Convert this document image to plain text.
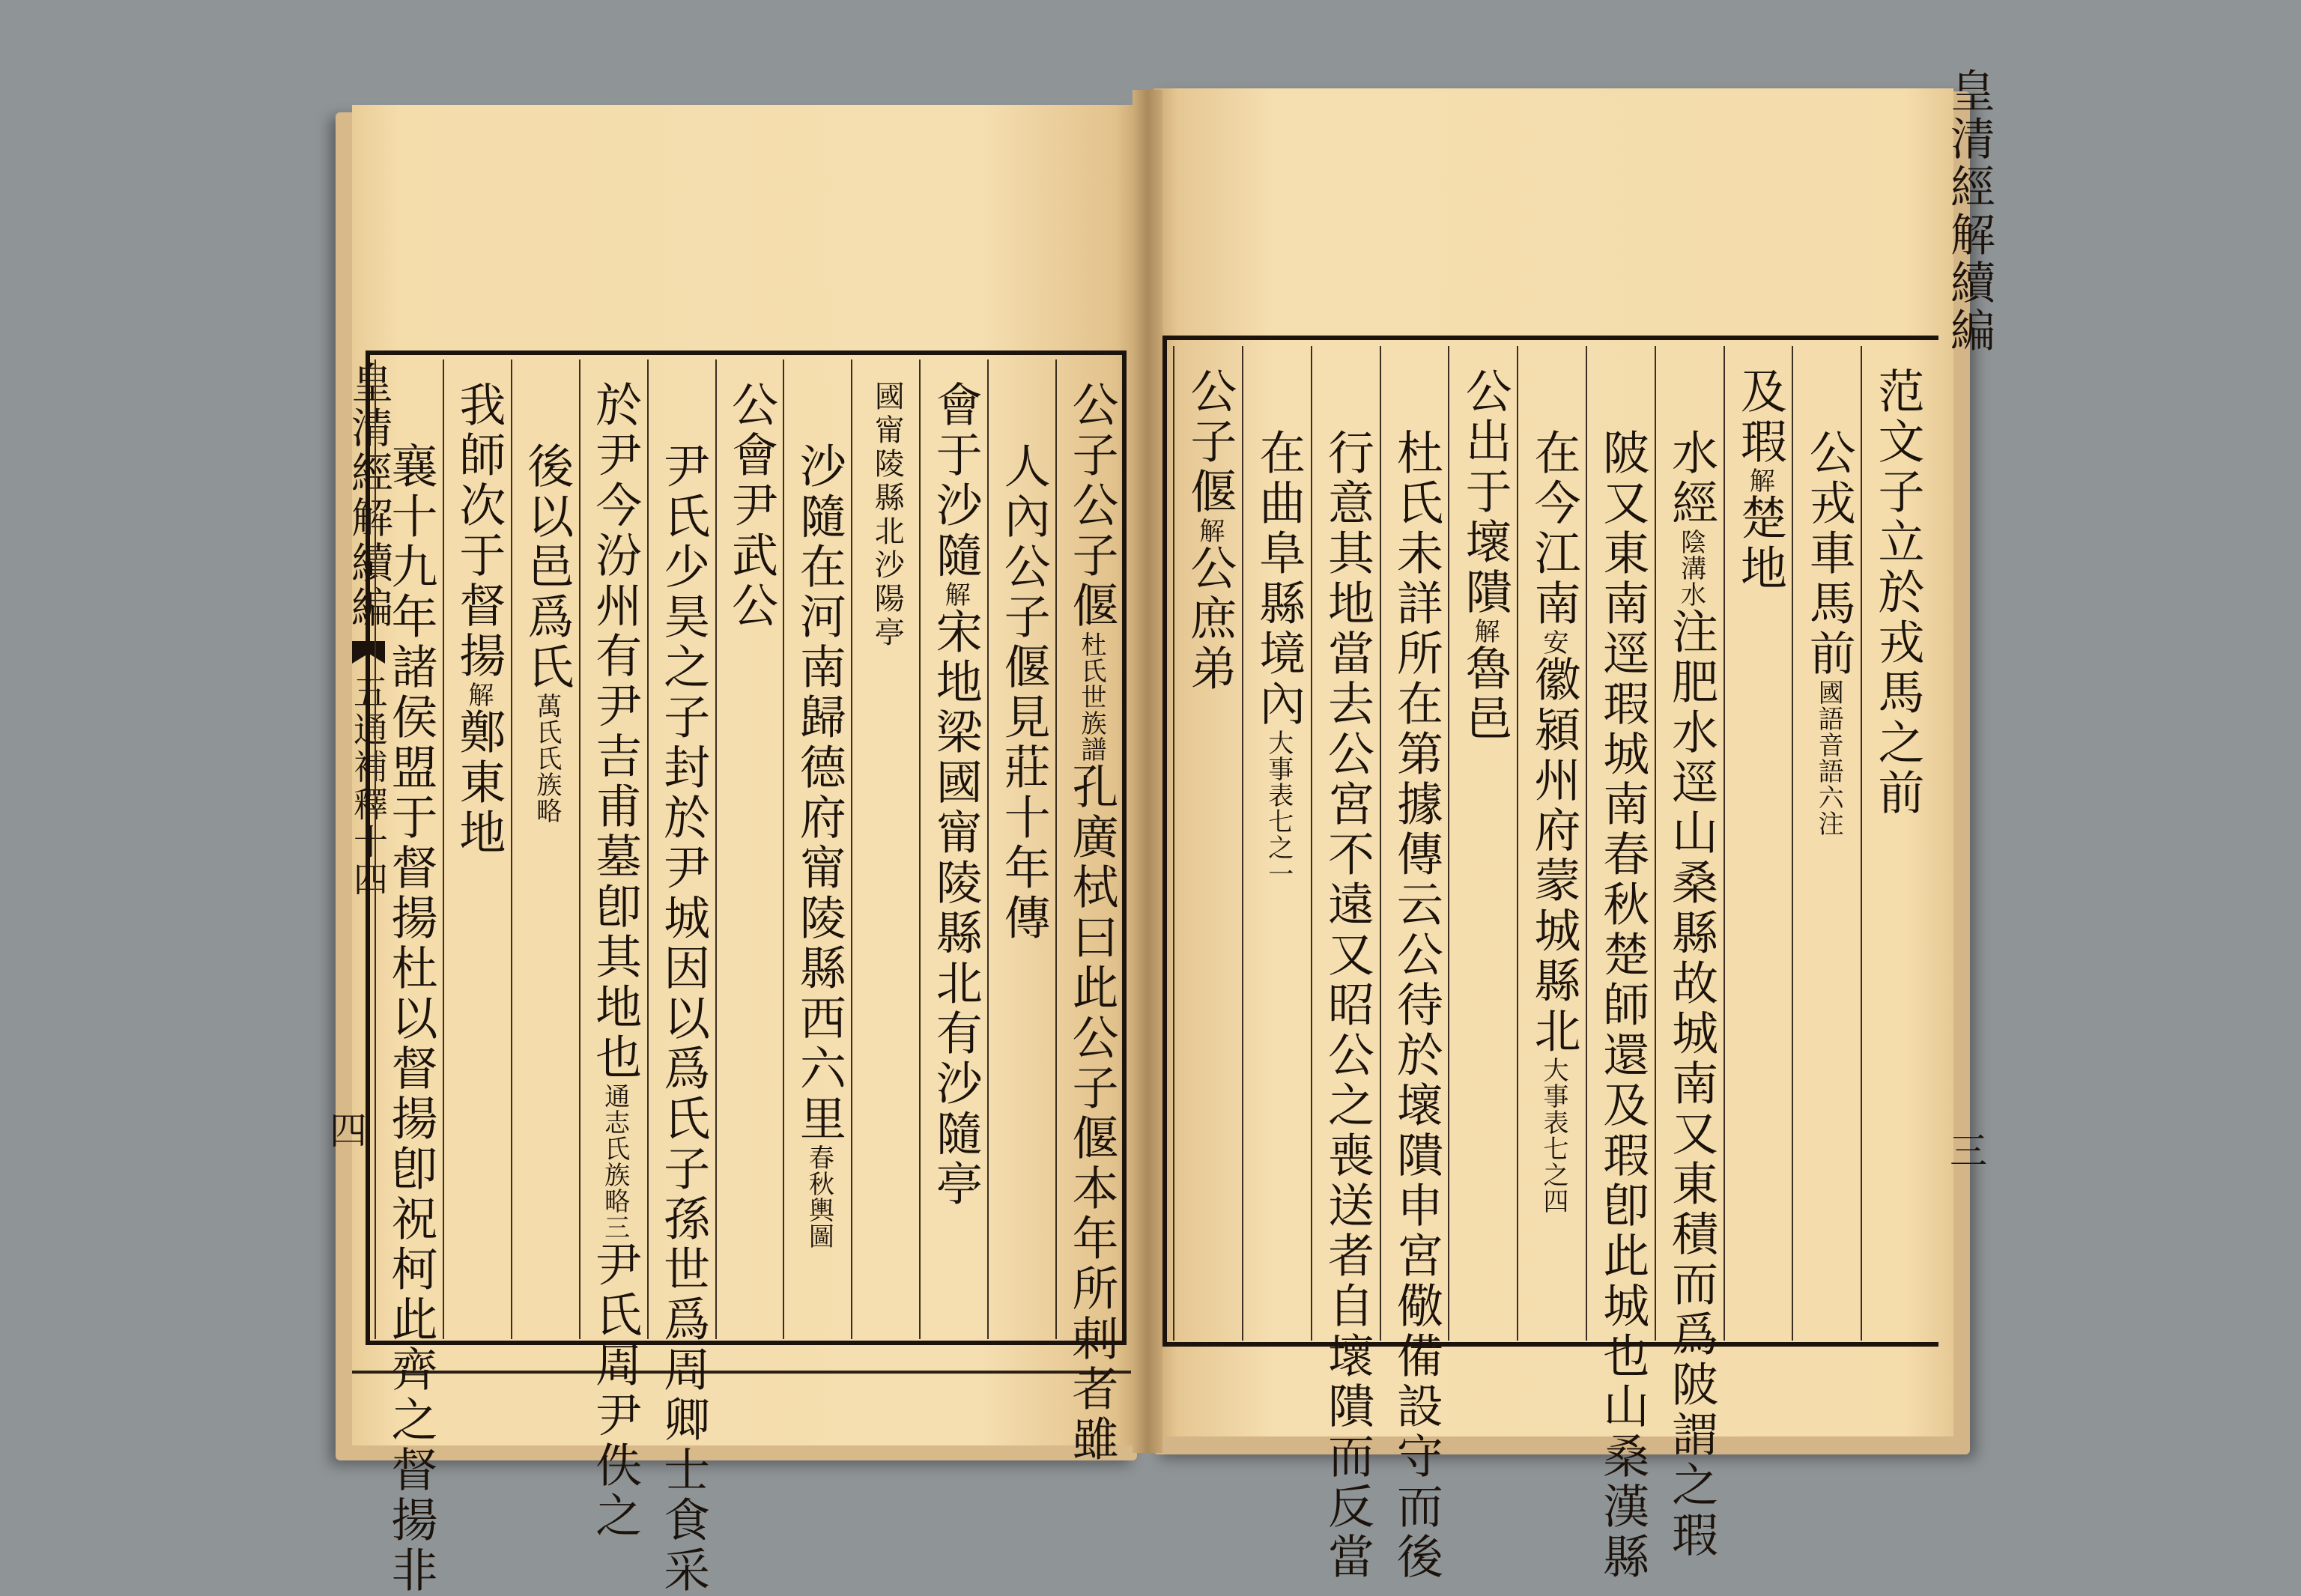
皇清經解續編五通補釋十四
四
公子公子偃杜氏世族譜孔廣栻曰此公子偃本年所剌者雖
人內公子偃見莊十年傳
會于沙隨解宋地梁國甯陵縣北有沙隨亭
國甯陵縣北沙陽亭
沙隨在河南歸德府甯陵縣西六里春秋輿圖
公會尹武公
尹氏少昊之子封於尹城因以爲氏子孫世爲周卿士食采
於尹今汾州有尹吉甫墓卽其地也通志氏族略三尹氏周尹佚之
後以邑爲氏萬氏氏族略
我師次于督揚解鄭東地
襄十九年諸侯盟于督揚杜以督揚卽祝柯此齊之督揚非
皇清經解續編
三
范文子立於戎馬之前
公戎車馬前國語音語六注
及瑕解楚地
水經陰溝水注肥水逕山桑縣故城南又東積而爲陂謂之瑕
陂又東南逕瑕城南春秋楚師還及瑕卽此城也山桑漢縣
在今江南安徽潁州府蒙城縣北大事表七之四
公出于壞隤解魯邑
杜氏未詳所在第據傳云公待於壞隤申宮儆備設守而後
行意其地當去公宮不遠又昭公之喪送者自壞隤而反當
在曲阜縣境內大事表七之一
公子偃解公庶弟
